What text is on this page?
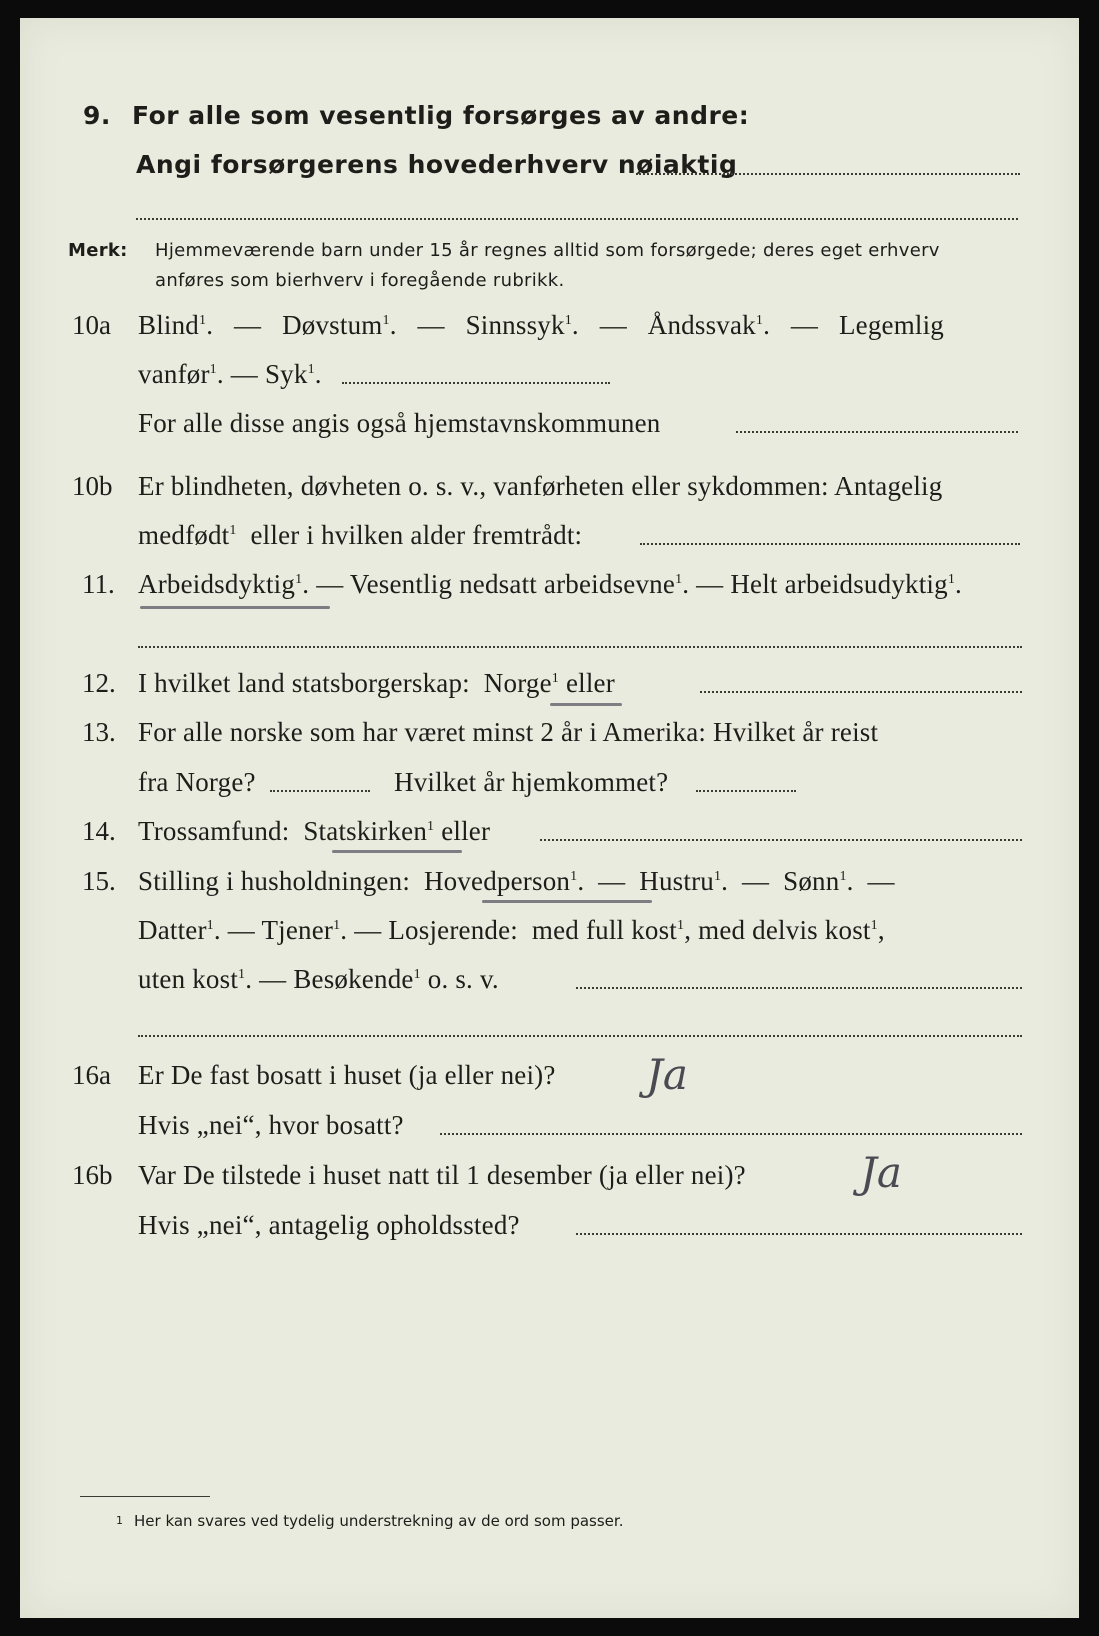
9. For alle som vesentlig forsørges av andre:
Angi forsørgerens hovederhverv nøiaktig
Merk: Hjemmeværende barn under 15 år regnes alltid som forsørgede; deres eget erhverv
anføres som bierhverv i foregående rubrikk.
10a Blind$^1$.   —   Døvstum$^1$.   —   Sinnssyk$^1$.   —   Åndssvak$^1$.   —   Legemlig
vanfør$^1$. — Syk$^1$.
For alle disse angis også hjemstavnskommunen
10b Er blindheten, døvheten o. s. v., vanførheten eller sykdommen: Antagelig
medfødt$^1$ eller i hvilken alder fremtrådt:
11. Arbeidsdyktig$^1$. — Vesentlig nedsatt arbeidsevne$^1$. — Helt arbeidsudyktig$^1$.
12. I hvilket land statsborgerskap: Norge$^1$ eller
13. For alle norske som har været minst 2 år i Amerika: Hvilket år reist
fra Norge?	Hvilket år hjemkommet?
14. Trossamfund: Statskirken$^1$ eller
15. Stilling i husholdningen: Hovedperson$^1$.  —  Hustru$^1$.  —  Sønn$^1$.  —
Datter$^1$. — Tjener$^1$. — Losjerende: med full kost$^1$, med delvis kost$^1$,
uten kost$^1$. — Besøkende$^1$ o. s. v.
16a Er De fast bosatt i huset (ja eller nei)? Ja
Hvis „nei“, hvor bosatt?
16b Var De tilstede i huset natt til 1 desember (ja eller nei)?	Ja
Hvis „nei“, antagelig opholdssted?
1 Her kan svares ved tydelig understrekning av de ord som passer.
